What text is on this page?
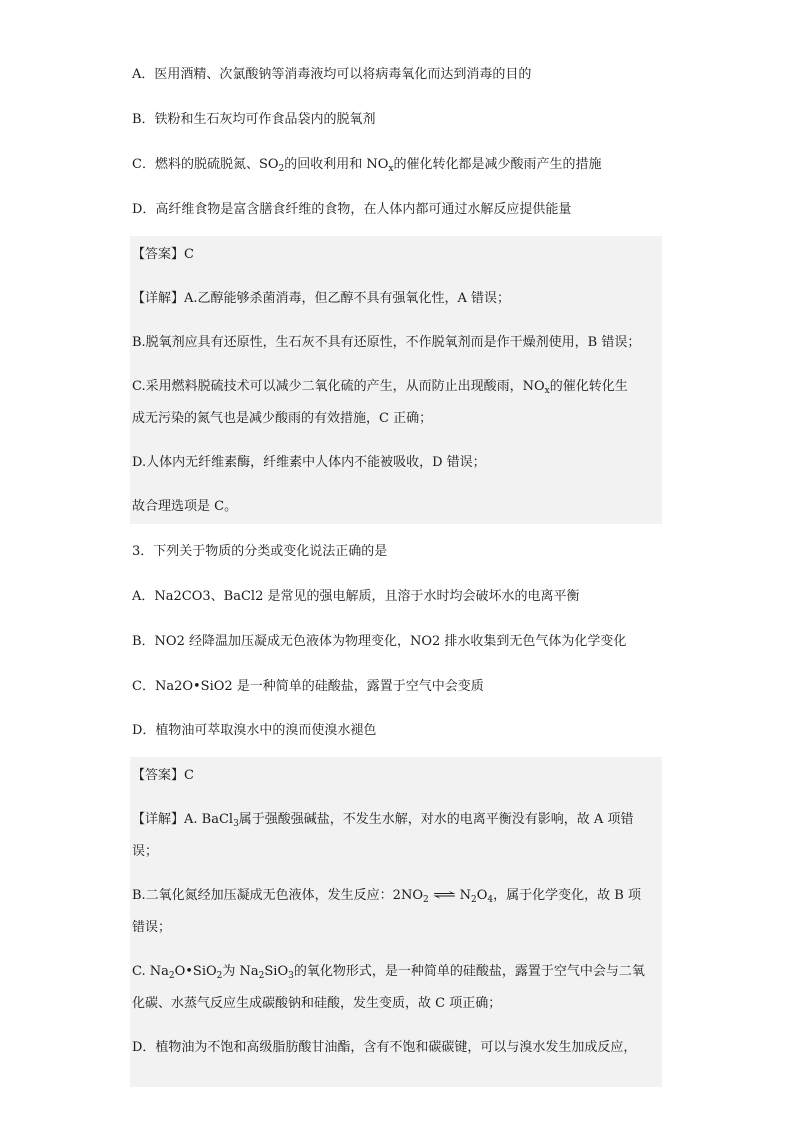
A．医用酒精、次氯酸钠等消毒液均可以将病毒氧化而达到消毒的目的
B．铁粉和生石灰均可作食品袋内的脱氧剂
C．燃料的脱硫脱氮、$SO_2$的回收利用和 $NO_x$的催化转化都是减少酸雨产生的措施
D．高纤维食物是富含膳食纤维的食物，在人体内都可通过水解反应提供能量
【答案】C
【详解】A.乙醇能够杀菌消毒，但乙醇不具有强氧化性，A 错误；
B.脱氧剂应具有还原性，生石灰不具有还原性，不作脱氧剂而是作干燥剂使用，B 错误；
C.采用燃料脱硫技术可以减少二氧化硫的产生，从而防止出现酸雨，$NO_x$的催化转化生
成无污染的氮气也是减少酸雨的有效措施，C 正确；
D.人体内无纤维素酶，纤维素中人体内不能被吸收，D 错误；
故合理选项是 C。
3．下列关于物质的分类或变化说法正确的是
A．Na2CO3、BaCl2 是常见的强电解质，且溶于水时均会破坏水的电离平衡
B．NO2 经降温加压凝成无色液体为物理变化，NO2 排水收集到无色气体为化学变化
C．Na2O•SiO2 是一种简单的硅酸盐，露置于空气中会变质
D．植物油可萃取溴水中的溴而使溴水褪色
【答案】C
【详解】A. BaCl$_3$属于强酸强碱盐，不发生水解，对水的电离平衡没有影响，故 A 项错
误；
B.二氧化氮经加压凝成无色液体，发生反应：$2NO_2$ ⇌ $N_2O_4$，属于化学变化，故 B 项
错误；
C. $Na_2O•SiO_2$为 $Na_2SiO_3$的氧化物形式，是一种简单的硅酸盐，露置于空气中会与二氧
化碳、水蒸气反应生成碳酸钠和硅酸，发生变质，故 C 项正确；
D．植物油为不饱和高级脂肪酸甘油酯，含有不饱和碳碳键，可以与溴水发生加成反应，
